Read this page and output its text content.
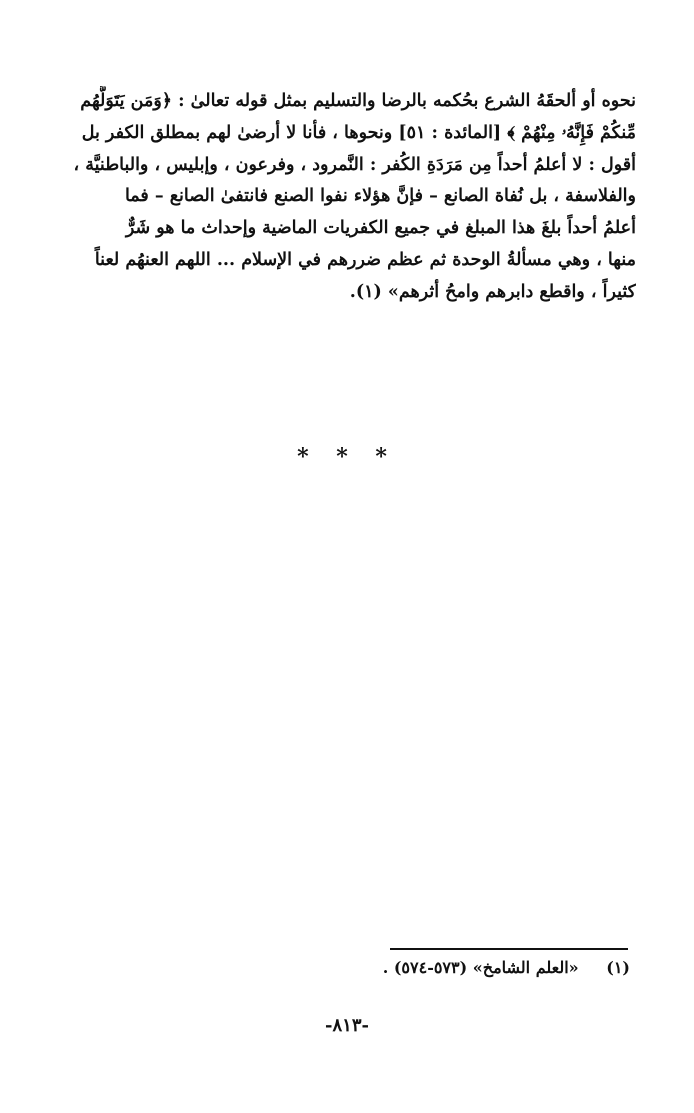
نحوه أو ألحقَهُ الشرع بحُكمه بالرضا والتسليم بمثل قوله تعالىٰ : ﴿وَمَن يَتَوَلَّهُم
مِّنكُمْ فَإِنَّهُۥ مِنْهُمْ ﴾ [المائدة : ٥١] ونحوها ، فأنا لا أرضىٰ لهم بمطلق الكفر بل
أقول : لا أعلمُ أحداً مِن مَرَدَةِ الكُفر : النَّمرود ، وفرعون ، وإبليس ، والباطنيَّة ،
والفلاسفة ، بل نُفاة الصانع – فإنَّ هؤلاء نفوا الصنع فانتفىٰ الصانع – فما
أعلمُ أحداً بلغَ هذا المبلغ في جميع الكفريات الماضية وإحداث ما هو شَرٌّ
منها ، وهي مسألةُ الوحدة ثم عظم ضررهم في الإسلام ... اللهم العنهُم لعناً
كثيراً ، واقطع دابرهم وامحُ أثرهم» (١).
* * *
(١) «العلم الشامخ» (٥٧٣-٥٧٤) .
-٨١٣-
